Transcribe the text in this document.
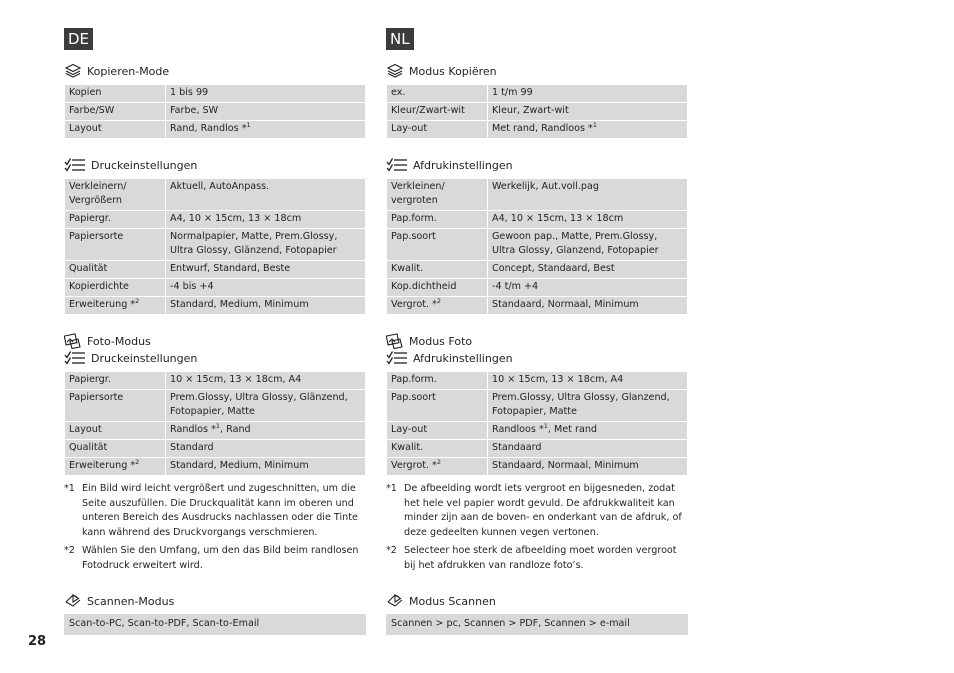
DE
Kopieren-Mode
Kopien	1 bis 99
Farbe/SW	Farbe, SW
Layout	Rand, Randlos *$^1$
Druckeinstellungen
Verkleinern/ Vergrößern	Aktuell, AutoAnpass.
Papiergr.	A4, 10 × 15cm, 13 × 18cm
Papiersorte	Normalpapier, Matte, Prem.Glossy, Ultra Glossy, Glänzend, Fotopapier
Qualität	Entwurf, Standard, Beste
Kopierdichte	-4 bis +4
Erweiterung *$^2$	Standard, Medium, Minimum
Foto-Modus
Druckeinstellungen
Papiergr.	10 × 15cm, 13 × 18cm, A4
Papiersorte	Prem.Glossy, Ultra Glossy, Glänzend, Fotopapier, Matte
Layout	Randlos *$^1$, Rand
Qualität	Standard
Erweiterung *$^2$	Standard, Medium, Minimum
*1 Ein Bild wird leicht vergrößert und zugeschnitten, um die Seite auszufüllen. Die Druckqualität kann im oberen und unteren Bereich des Ausdrucks nachlassen oder die Tinte kann während des Druckvorgangs verschmieren.
*2 Wählen Sie den Umfang, um den das Bild beim randlosen Fotodruck erweitert wird.
Scannen-Modus
Scan-to-PC, Scan-to-PDF, Scan-to-Email
NL
Modus Kopiëren
ex.	1 t/m 99
Kleur/Zwart-wit	Kleur, Zwart-wit
Lay-out	Met rand, Randloos *$^1$
Afdrukinstellingen
Verkleinen/ vergroten	Werkelijk, Aut.voll.pag
Pap.form.	A4, 10 × 15cm, 13 × 18cm
Pap.soort	Gewoon pap., Matte, Prem.Glossy, Ultra Glossy, Glanzend, Fotopapier
Kwalit.	Concept, Standaard, Best
Kop.dichtheid	-4 t/m +4
Vergrot. *$^2$	Standaard, Normaal, Minimum
Modus Foto
Afdrukinstellingen
Pap.form.	10 × 15cm, 13 × 18cm, A4
Pap.soort	Prem.Glossy, Ultra Glossy, Glanzend, Fotopapier, Matte
Lay-out	Randloos *$^1$, Met rand
Kwalit.	Standaard
Vergrot. *$^2$	Standaard, Normaal, Minimum
*1 De afbeelding wordt iets vergroot en bijgesneden, zodat het hele vel papier wordt gevuld. De afdrukkwaliteit kan minder zijn aan de boven- en onderkant van de afdruk, of deze gedeelten kunnen vegen vertonen.
*2 Selecteer hoe sterk de afbeelding moet worden vergroot bij het afdrukken van randloze foto’s.
Modus Scannen
Scannen > pc, Scannen > PDF, Scannen > e-mail
28
